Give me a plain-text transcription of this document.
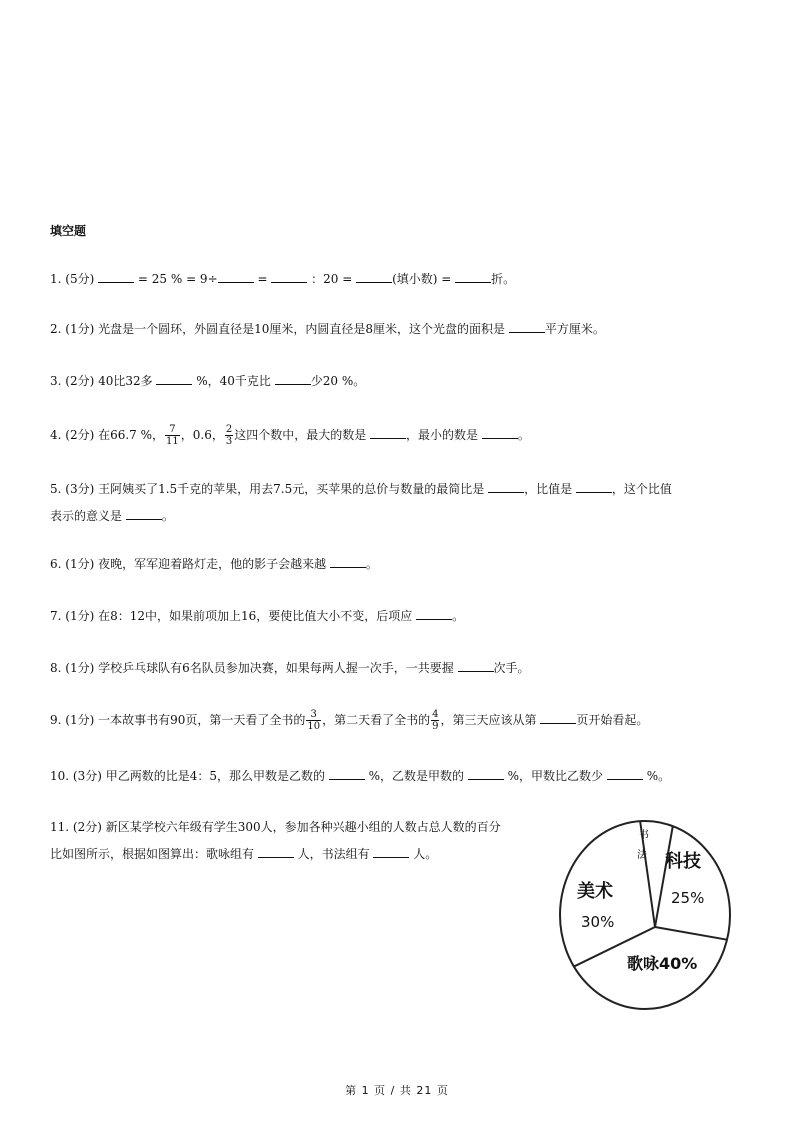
填空题
1. (5分)	= 25 % = 9÷	=	：20 =	(填小数) =	折。
2. (1分) 光盘是一个圆环，外圆直径是10厘米，内圆直径是8厘米，这个光盘的面积是	平方厘米。
3. (2分) 40比32多	%，40千克比	少20 %。
4. (2分) 在66.7 %， $\frac{7}{11}$ ，0.6， $\frac{2}{3}$ 这四个数中，最大的数是	，最小的数是	。
5. (3分) 王阿姨买了1.5千克的苹果，用去7.5元，买苹果的总价与数量的最简比是	，比值是	，这个比值
表示的意义是	。
6. (1分) 夜晚，军军迎着路灯走，他的影子会越来越	。
7. (1分) 在8：12中，如果前项加上16，要使比值大小不变，后项应	。
8. (1分) 学校乒乓球队有6名队员参加决赛，如果每两人握一次手，一共要握	次手。
9. (1分) 一本故事书有90页，第一天看了全书的 $\frac{3}{10}$ ，第二天看了全书的 $\frac{4}{9}$ ，第三天应该从第	页开始看起。
10. (3分) 甲乙两数的比是4：5，那么甲数是乙数的	%，乙数是甲数的	%，甲数比乙数少	%。
11. (2分) 新区某学校六年级有学生300人，参加各种兴趣小组的人数占总人数的百分
比如图所示，根据如图算出：歌咏组有	人，书法组有	人。	科技
25%
美术
30%
歌咏40%
书
法
第 1 页 / 共 21 页
